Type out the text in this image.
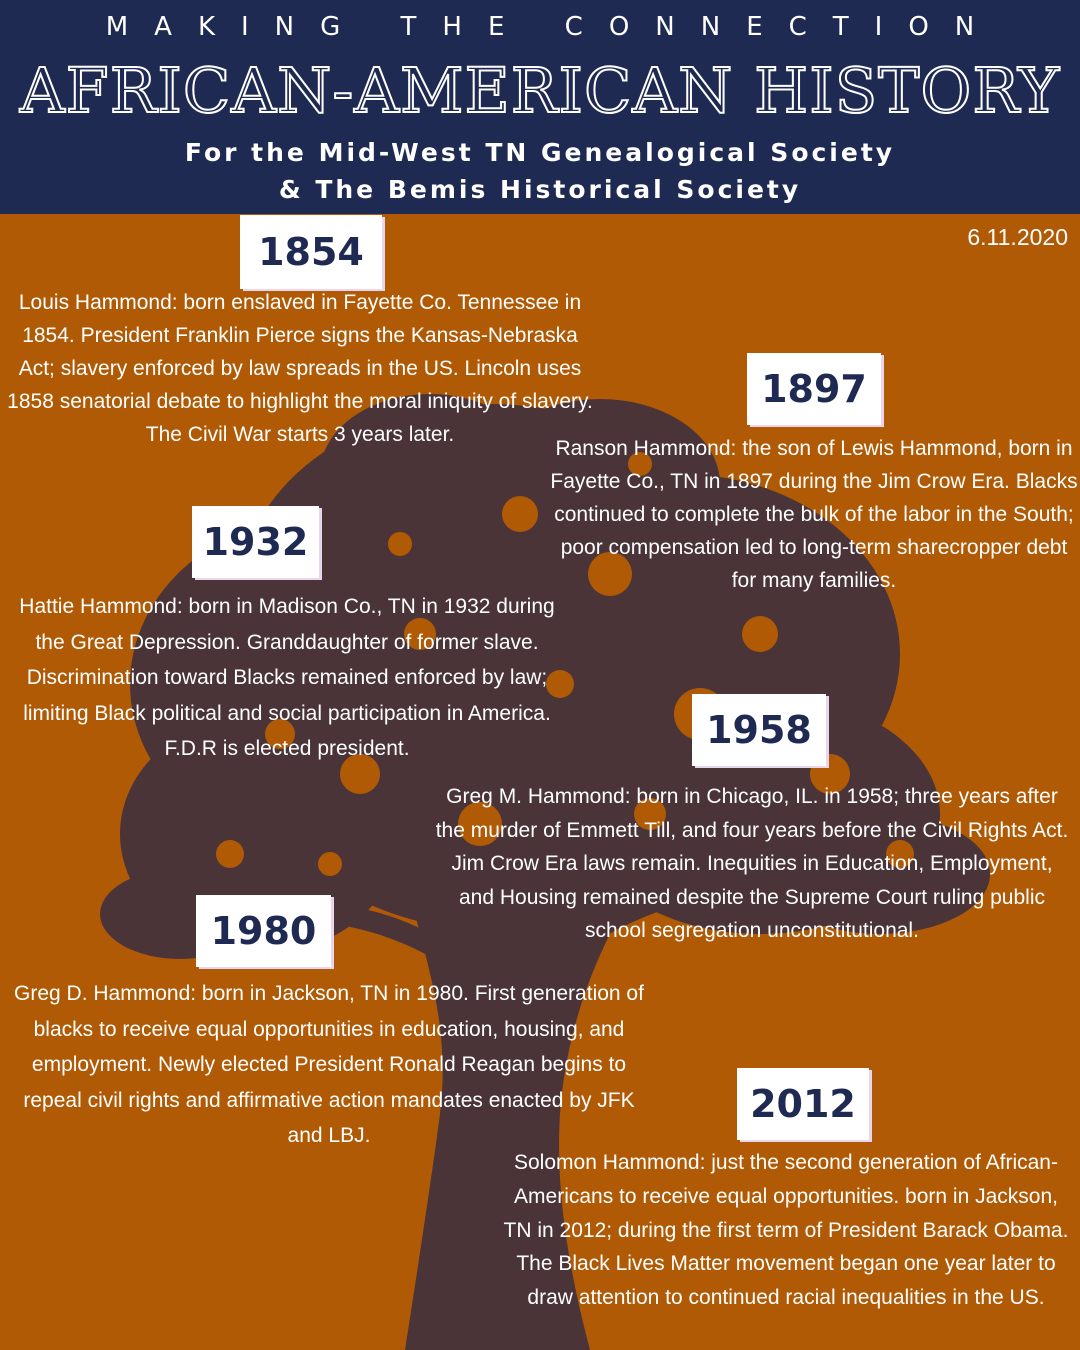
MAKING THE CONNECTION
AFRICAN-AMERICAN HISTORY
For the Mid-West TN Genealogical Society
& The Bemis Historical Society
6.11.2020
1854

Louis Hammond: born enslaved in Fayette Co. Tennessee in 1854. President Franklin Pierce signs the Kansas-Nebraska Act; slavery enforced by law spreads in the US. Lincoln uses 1858 senatorial debate to highlight the moral iniquity of slavery. The Civil War starts 3 years later.

1897

Ranson Hammond: the son of Lewis Hammond, born in Fayette Co., TN in 1897 during the Jim Crow Era. Blacks continued to complete the bulk of the labor in the South; poor compensation led to long-term sharecropper debt for many families.

1932

Hattie Hammond: born in Madison Co., TN in 1932 during the Great Depression. Granddaughter of former slave. Discrimination toward Blacks remained enforced by law; limiting Black political and social participation in America. F.D.R is elected president.	1958

Greg M. Hammond: born in Chicago, IL. in 1958; three years after the murder of Emmett Till, and four years before the Civil Rights Act. Jim Crow Era laws remain. Inequities in Education, Employment, and Housing remained despite the Supreme Court ruling public school segregation unconstitutional.

1980

Greg D. Hammond: born in Jackson, TN in 1980. First generation of blacks to receive equal opportunities in education, housing, and employment. Newly elected President Ronald Reagan begins to repeal civil rights and affirmative action mandates enacted by JFK and LBJ.

2012

Solomon Hammond: just the second generation of African-Americans to receive equal opportunities. born in Jackson, TN in 2012; during the first term of President Barack Obama. The Black Lives Matter movement began one year later to draw attention to continued racial inequalities in the US.
